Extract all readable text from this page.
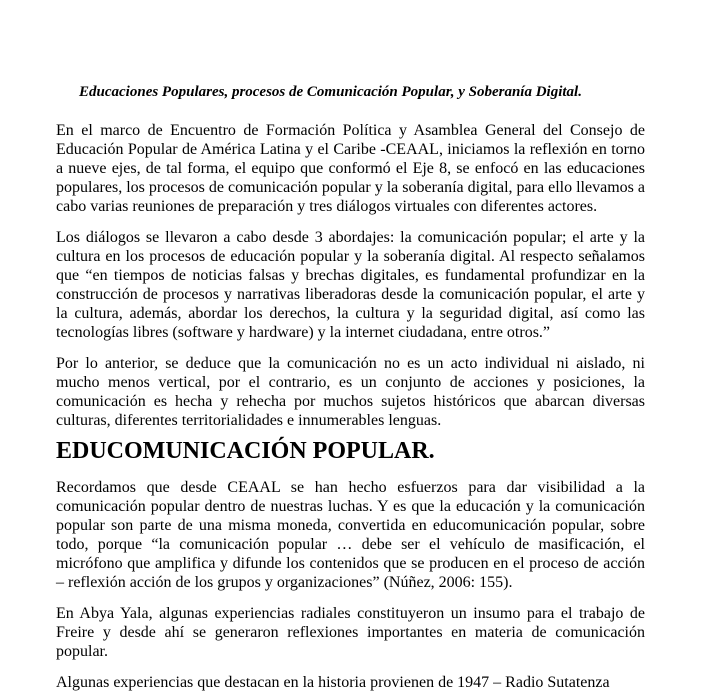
Educaciones Populares, procesos de Comunicación Popular, y Soberanía Digital.

En el marco de Encuentro de Formación Política y Asamblea General del Consejo de Educación Popular de América Latina y el Caribe -CEAAL, iniciamos la reflexión en torno a nueve ejes, de tal forma, el equipo que conformó el Eje 8, se enfocó en las educaciones populares, los procesos de comunicación popular y la soberanía digital, para ello llevamos a cabo varias reuniones de preparación y tres diálogos virtuales con diferentes actores.

Los diálogos se llevaron a cabo desde 3 abordajes: la comunicación popular; el arte y la cultura en los procesos de educación popular y la soberanía digital. Al respecto señalamos que “en tiempos de noticias falsas y brechas digitales, es fundamental profundizar en la construcción de procesos y narrativas liberadoras desde la comunicación popular, el arte y la cultura, además, abordar los derechos, la cultura y la seguridad digital, así como las tecnologías libres (software y hardware) y la internet ciudadana, entre otros.”

Por lo anterior, se deduce que la comunicación no es un acto individual ni aislado, ni mucho menos vertical, por el contrario, es un conjunto de acciones y posiciones, la comunicación es hecha y rehecha por muchos sujetos históricos que abarcan diversas culturas, diferentes territorialidades e innumerables lenguas.

EDUCOMUNICACIÓN POPULAR.

Recordamos que desde CEAAL se han hecho esfuerzos para dar visibilidad a la comunicación popular dentro de nuestras luchas. Y es que la educación y la comunicación popular son parte de una misma moneda, convertida en educomunicación popular, sobre todo, porque “la comunicación popular … debe ser el vehículo de masificación, el micrófono que amplifica y difunde los contenidos que se producen en el proceso de acción – reflexión acción de los grupos y organizaciones” (Núñez, 2006: 155).

En Abya Yala, algunas experiencias radiales constituyeron un insumo para el trabajo de Freire y desde ahí se generaron reflexiones importantes en materia de comunicación popular.

Algunas experiencias que destacan en la historia provienen de 1947 – Radio Sutatenza
